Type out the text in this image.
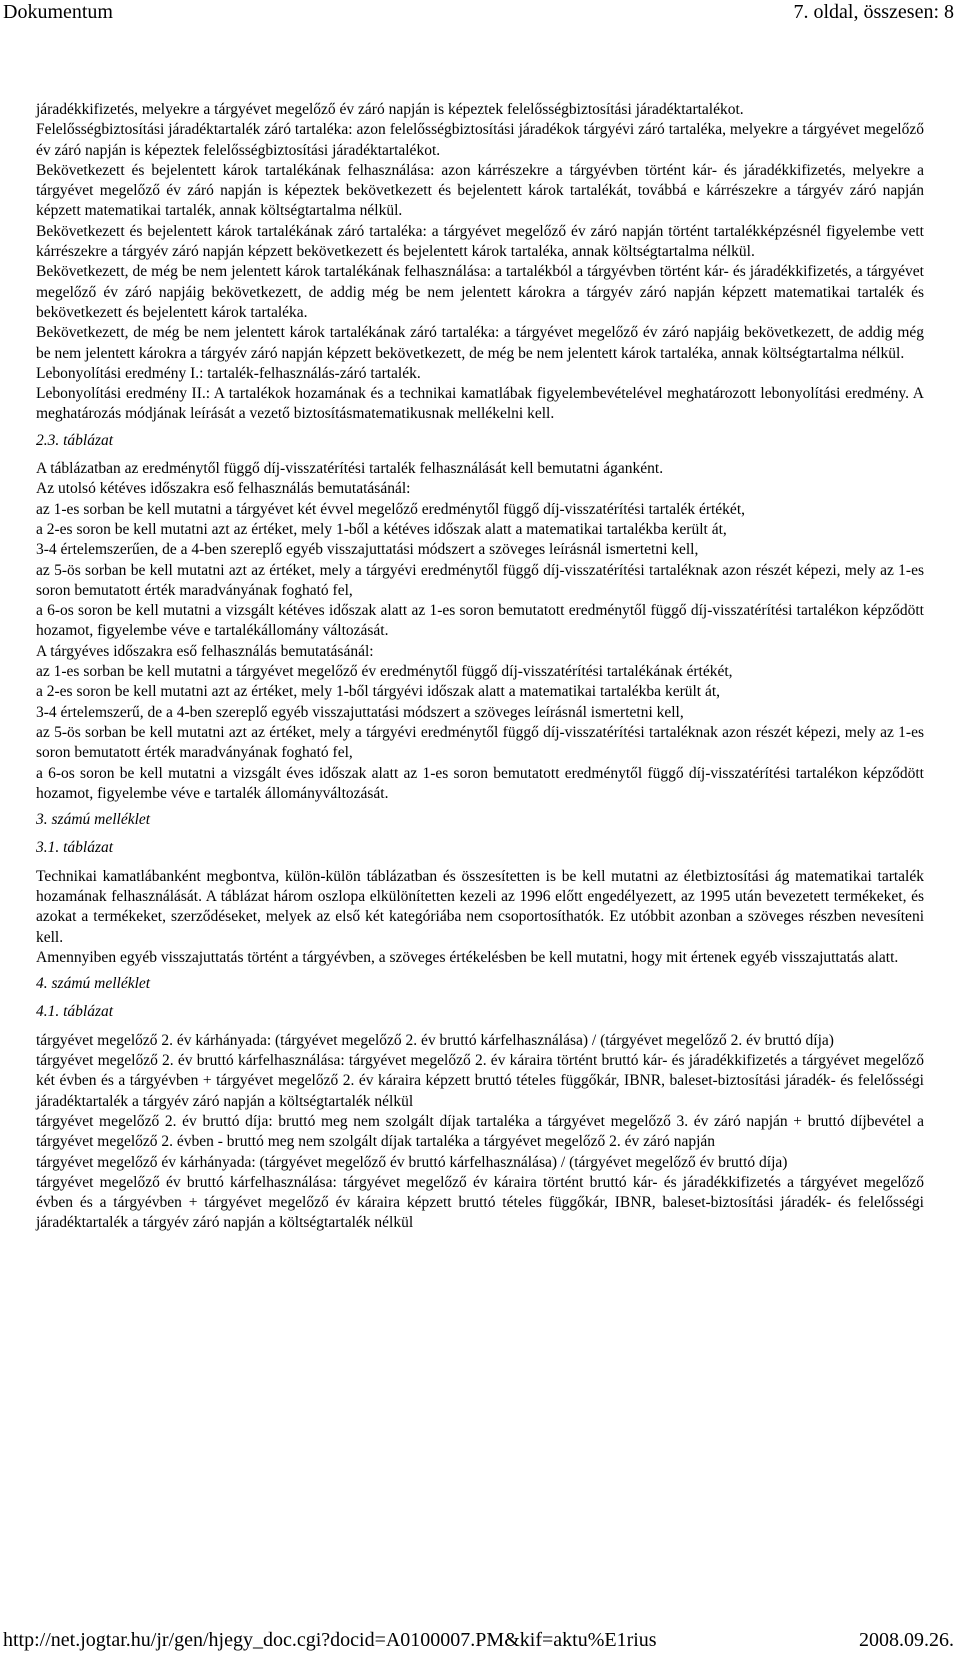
Dokumentum	7. oldal, összesen: 8

járadékkifizetés, melyekre a tárgyévet megelőző év záró napján is képeztek felelősségbiztosítási járadéktartalékot.

Felelősségbiztosítási járadéktartalék záró tartaléka: azon felelősségbiztosítási járadékok tárgyévi záró tartaléka, melyekre a tárgyévet megelőző év záró napján is képeztek felelősségbiztosítási járadéktartalékot.

Bekövetkezett és bejelentett károk tartalékának felhasználása: azon kárrészekre a tárgyévben történt kár- és járadékkifizetés, melyekre a tárgyévet megelőző év záró napján is képeztek bekövetkezett és bejelentett károk tartalékát, továbbá e kárrészekre a tárgyév záró napján képzett matematikai tartalék, annak költségtartalma nélkül.

Bekövetkezett és bejelentett károk tartalékának záró tartaléka: a tárgyévet megelőző év záró napján történt tartalékképzésnél figyelembe vett kárrészekre a tárgyév záró napján képzett bekövetkezett és bejelentett károk tartaléka, annak költségtartalma nélkül.

Bekövetkezett, de még be nem jelentett károk tartalékának felhasználása: a tartalékból a tárgyévben történt kár- és járadékkifizetés, a tárgyévet megelőző év záró napjáig bekövetkezett, de addig még be nem jelentett károkra a tárgyév záró napján képzett matematikai tartalék és bekövetkezett és bejelentett károk tartaléka.

Bekövetkezett, de még be nem jelentett károk tartalékának záró tartaléka: a tárgyévet megelőző év záró napjáig bekövetkezett, de addig még be nem jelentett károkra a tárgyév záró napján képzett bekövetkezett, de még be nem jelentett károk tartaléka, annak költségtartalma nélkül.

Lebonyolítási eredmény I.: tartalék-felhasználás-záró tartalék.

Lebonyolítási eredmény II.: A tartalékok hozamának és a technikai kamatlábak figyelembevételével meghatározott lebonyolítási eredmény. A meghatározás módjának leírását a vezető biztosításmatematikusnak mellékelni kell.

2.3. táblázat

A táblázatban az eredménytől függő díj-visszatérítési tartalék felhasználását kell bemutatni áganként.

Az utolsó kétéves időszakra eső felhasználás bemutatásánál:

az 1-es sorban be kell mutatni a tárgyévet két évvel megelőző eredménytől függő díj-visszatérítési tartalék értékét,

a 2-es soron be kell mutatni azt az értéket, mely 1-ből a kétéves időszak alatt a matematikai tartalékba került át,

3-4 értelemszerűen, de a 4-ben szereplő egyéb visszajuttatási módszert a szöveges leírásnál ismertetni kell,

az 5-ös sorban be kell mutatni azt az értéket, mely a tárgyévi eredménytől függő díj-visszatérítési tartaléknak azon részét képezi, mely az 1-es soron bemutatott érték maradványának fogható fel,

a 6-os soron be kell mutatni a vizsgált kétéves időszak alatt az 1-es soron bemutatott eredménytől függő díj-visszatérítési tartalékon képződött hozamot, figyelembe véve e tartalékállomány változását.

A tárgyéves időszakra eső felhasználás bemutatásánál:

az 1-es sorban be kell mutatni a tárgyévet megelőző év eredménytől függő díj-visszatérítési tartalékának értékét,

a 2-es soron be kell mutatni azt az értéket, mely 1-ből tárgyévi időszak alatt a matematikai tartalékba került át,

3-4 értelemszerű, de a 4-ben szereplő egyéb visszajuttatási módszert a szöveges leírásnál ismertetni kell,

az 5-ös sorban be kell mutatni azt az értéket, mely a tárgyévi eredménytől függő díj-visszatérítési tartaléknak azon részét képezi, mely az 1-es soron bemutatott érték maradványának fogható fel,

a 6-os soron be kell mutatni a vizsgált éves időszak alatt az 1-es soron bemutatott eredménytől függő díj-visszatérítési tartalékon képződött hozamot, figyelembe véve e tartalék állományváltozását.

3. számú melléklet

3.1. táblázat

Technikai kamatlábanként megbontva, külön-külön táblázatban és összesítetten is be kell mutatni az életbiztosítási ág matematikai tartalék hozamának felhasználását. A táblázat három oszlopa elkülönítetten kezeli az 1996 előtt engedélyezett, az 1995 után bevezetett termékeket, és azokat a termékeket, szerződéseket, melyek az első két kategóriába nem csoportosíthatók. Ez utóbbit azonban a szöveges részben nevesíteni kell.

Amennyiben egyéb visszajuttatás történt a tárgyévben, a szöveges értékelésben be kell mutatni, hogy mit értenek egyéb visszajuttatás alatt.

4. számú melléklet

4.1. táblázat

tárgyévet megelőző 2. év kárhányada: (tárgyévet megelőző 2. év bruttó kárfelhasználása) / (tárgyévet megelőző 2. év bruttó díja)

tárgyévet megelőző 2. év bruttó kárfelhasználása: tárgyévet megelőző 2. év káraira történt bruttó kár- és járadékkifizetés a tárgyévet megelőző két évben és a tárgyévben + tárgyévet megelőző 2. év káraira képzett bruttó tételes függőkár, IBNR, baleset-biztosítási járadék- és felelősségi járadéktartalék a tárgyév záró napján a költségtartalék nélkül

tárgyévet megelőző 2. év bruttó díja: bruttó meg nem szolgált díjak tartaléka a tárgyévet megelőző 3. év záró napján + bruttó díjbevétel a tárgyévet megelőző 2. évben - bruttó meg nem szolgált díjak tartaléka a tárgyévet megelőző 2. év záró napján

tárgyévet megelőző év kárhányada: (tárgyévet megelőző év bruttó kárfelhasználása) / (tárgyévet megelőző év bruttó díja)

tárgyévet megelőző év bruttó kárfelhasználása: tárgyévet megelőző év káraira történt bruttó kár- és járadékkifizetés a tárgyévet megelőző évben és a tárgyévben + tárgyévet megelőző év káraira képzett bruttó tételes függőkár, IBNR, baleset-biztosítási járadék- és felelősségi járadéktartalék a tárgyév záró napján a költségtartalék nélkül

http://net.jogtar.hu/jr/gen/hjegy_doc.cgi?docid=A0100007.PM&kif=aktu%E1rius	2008.09.26.
